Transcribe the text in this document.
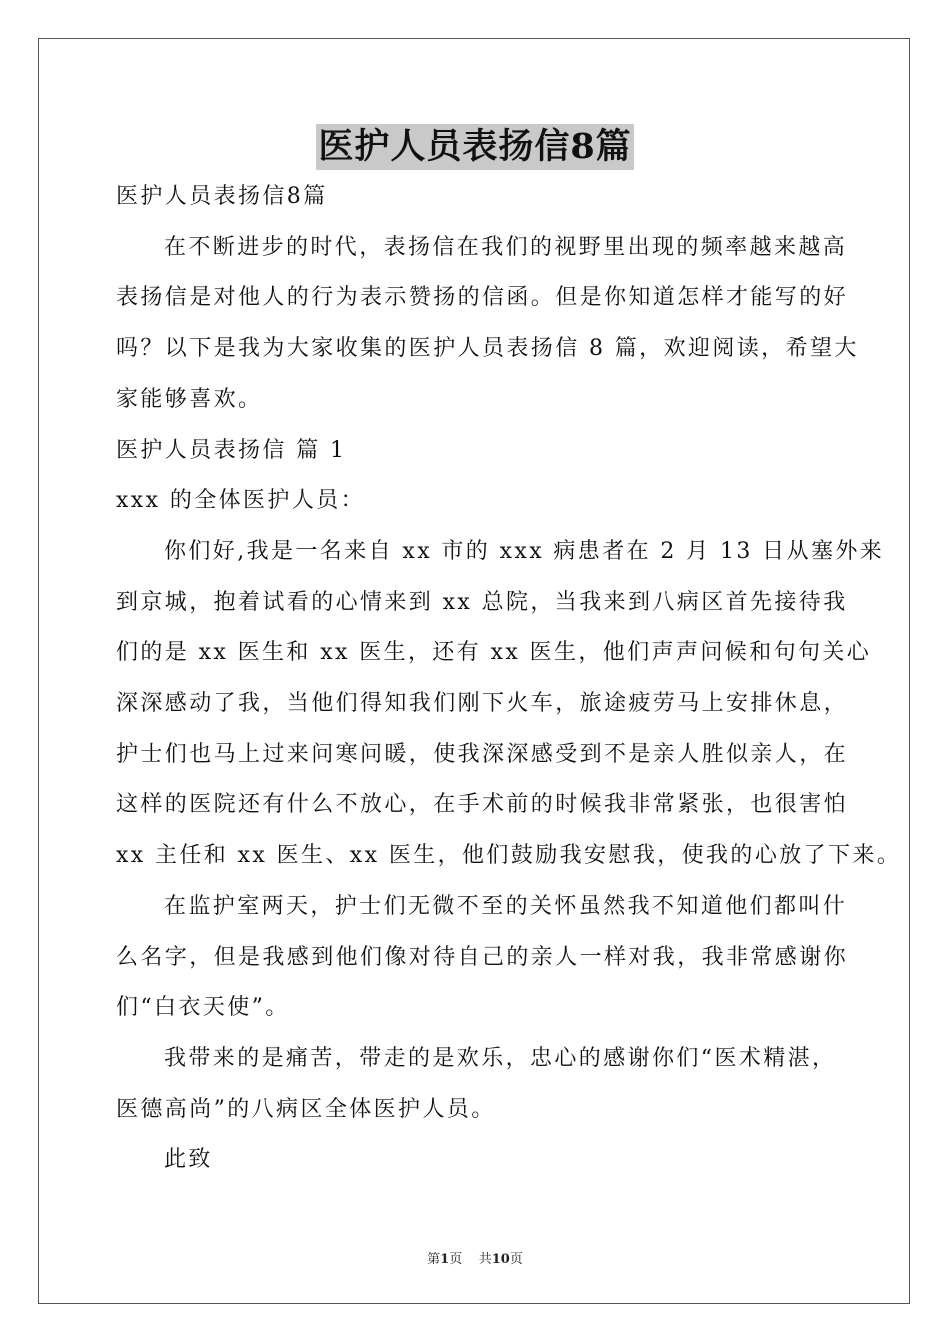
医护人员表扬信8篇
医护人员表扬信8篇
在不断进步的时代，表扬信在我们的视野里出现的频率越来越高
表扬信是对他人的行为表示赞扬的信函。但是你知道怎样才能写的好
吗？以下是我为大家收集的医护人员表扬信 8 篇，欢迎阅读，希望大
家能够喜欢。
医护人员表扬信 篇 1
xxx 的全体医护人员：
你们好,我是一名来自 xx 市的 xxx 病患者在 2 月 13 日从塞外来
到京城，抱着试看的心情来到 xx 总院，当我来到八病区首先接待我
们的是 xx 医生和 xx 医生，还有 xx 医生，他们声声问候和句句关心
深深感动了我，当他们得知我们刚下火车，旅途疲劳马上安排休息，
护士们也马上过来问寒问暖，使我深深感受到不是亲人胜似亲人，在
这样的医院还有什么不放心，在手术前的时候我非常紧张，也很害怕
xx 主任和 xx 医生、xx 医生，他们鼓励我安慰我，使我的心放了下来。
在监护室两天，护士们无微不至的关怀虽然我不知道他们都叫什
么名字，但是我感到他们像对待自己的亲人一样对我，我非常感谢你
们“白衣天使”。
我带来的是痛苦，带走的是欢乐，忠心的感谢你们“医术精湛，
医德高尚”的八病区全体医护人员。
此致
第1页 共10页
